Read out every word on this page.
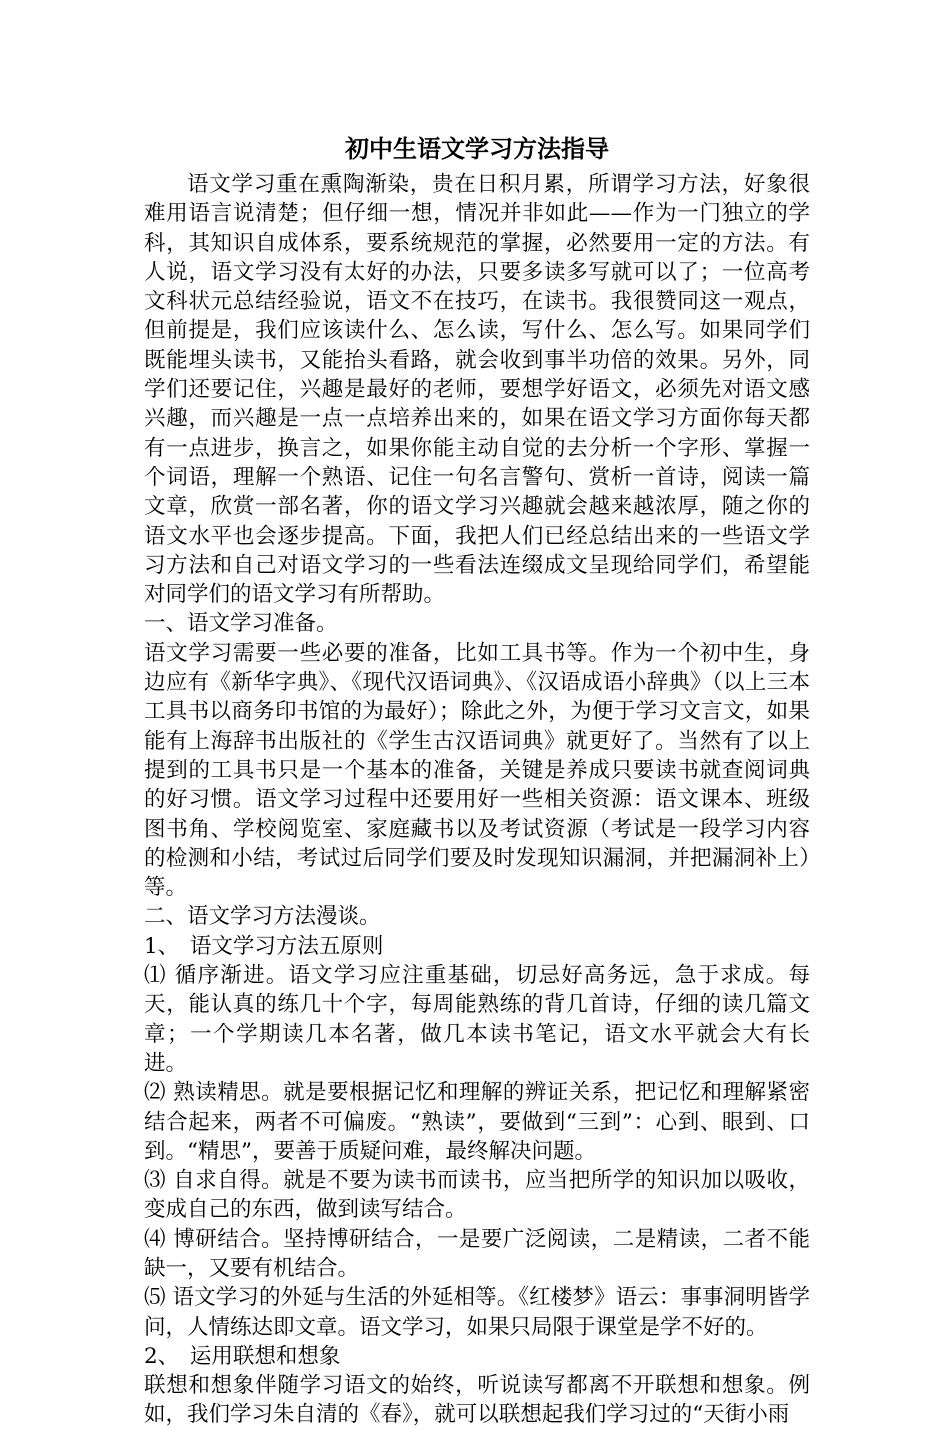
初中生语文学习方法指导

语文学习重在熏陶渐染，贵在日积月累，所谓学习方法，好象很难用语言说清楚；但仔细一想，情况并非如此——作为一门独立的学科，其知识自成体系，要系统规范的掌握，必然要用一定的方法。有人说，语文学习没有太好的办法，只要多读多写就可以了；一位高考文科状元总结经验说，语文不在技巧，在读书。我很赞同这一观点，但前提是，我们应该读什么、怎么读，写什么、怎么写。如果同学们既能埋头读书，又能抬头看路，就会收到事半功倍的效果。另外，同学们还要记住，兴趣是最好的老师，要想学好语文，必须先对语文感兴趣，而兴趣是一点一点培养出来的，如果在语文学习方面你每天都有一点进步，换言之，如果你能主动自觉的去分析一个字形、掌握一个词语，理解一个熟语、记住一句名言警句、赏析一首诗，阅读一篇文章，欣赏一部名著，你的语文学习兴趣就会越来越浓厚，随之你的语文水平也会逐步提高。下面，我把人们已经总结出来的一些语文学习方法和自己对语文学习的一些看法连缀成文呈现给同学们，希望能对同学们的语文学习有所帮助。

一、语文学习准备。

语文学习需要一些必要的准备，比如工具书等。作为一个初中生，身边应有《新华字典》、《现代汉语词典》、《汉语成语小辞典》（以上三本工具书以商务印书馆的为最好）；除此之外，为便于学习文言文，如果能有上海辞书出版社的《学生古汉语词典》就更好了。当然有了以上提到的工具书只是一个基本的准备，关键是养成只要读书就查阅词典的好习惯。语文学习过程中还要用好一些相关资源：语文课本、班级图书角、学校阅览室、家庭藏书以及考试资源（考试是一段学习内容的检测和小结，考试过后同学们要及时发现知识漏洞，并把漏洞补上）等。

二、语文学习方法漫谈。

1、　语文学习方法五原则

⑴ 循序渐进。语文学习应注重基础，切忌好高务远，急于求成。每天，能认真的练几十个字，每周能熟练的背几首诗，仔细的读几篇文章；一个学期读几本名著，做几本读书笔记，语文水平就会大有长进。

⑵ 熟读精思。就是要根据记忆和理解的辨证关系，把记忆和理解紧密结合起来，两者不可偏废。“熟读”，要做到“三到”：心到、眼到、口到。“精思”，要善于质疑问难，最终解决问题。

⑶ 自求自得。就是不要为读书而读书，应当把所学的知识加以吸收，变成自己的东西，做到读写结合。

⑷ 博研结合。坚持博研结合，一是要广泛阅读，二是精读，二者不能缺一，又要有机结合。

⑸ 语文学习的外延与生活的外延相等。《红楼梦》语云：事事洞明皆学问，人情练达即文章。语文学习，如果只局限于课堂是学不好的。

2、　运用联想和想象

联想和想象伴随学习语文的始终，听说读写都离不开联想和想象。例如，我们学习朱自清的《春》，就可以联想起我们学习过的“天街小雨
